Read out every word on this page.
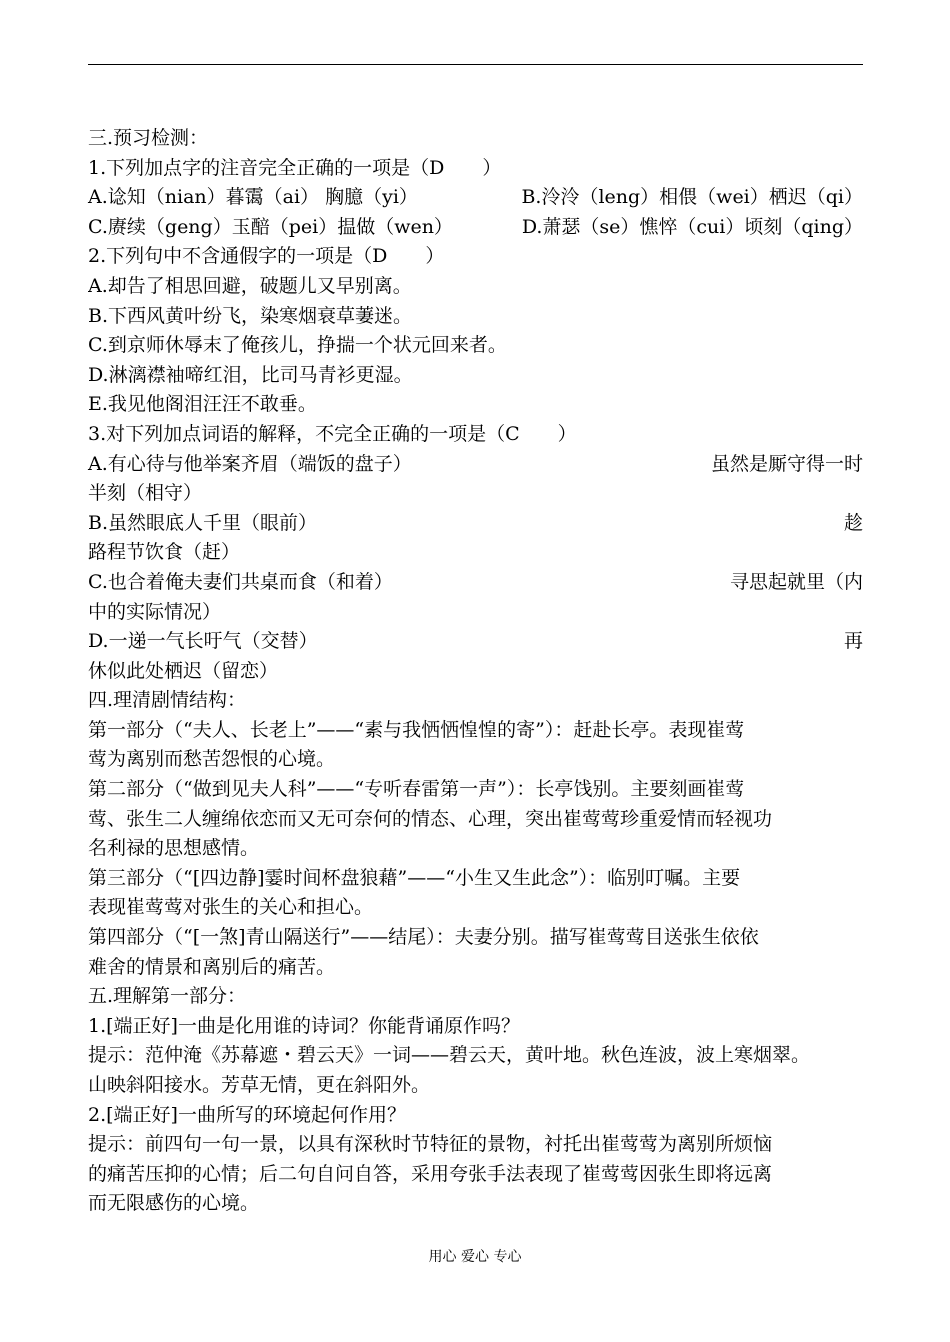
三.预习检测：
1.下列加点字的注音完全正确的一项是（D　　）
A.谂知（nian）暮霭（ai） 胸臆（yi）	B.泠泠（leng）相偎（wei）栖迟（qi）
C.赓续（geng）玉醅（pei）揾做（wen）	D.萧瑟（se）憔悴（cui）顷刻（qing）
2.下列句中不含通假字的一项是（D　　）
A.却告了相思回避，破题儿又早别离。
B.下西风黄叶纷飞，染寒烟衰草萋迷。
C.到京师休辱末了俺孩儿，挣揣一个状元回来者。
D.淋漓襟袖啼红泪，比司马青衫更湿。
E.我见他阁泪汪汪不敢垂。
3.对下列加点词语的解释，不完全正确的一项是（C　　）
A.有心待与他举案齐眉（端饭的盘子）	虽然是厮守得一时
半刻（相守）
B.虽然眼底人千里（眼前）	趁
路程节饮食（赶）
C.也合着俺夫妻们共桌而食（和着）	寻思起就里（内
中的实际情况）
D.一递一气长吁气（交替）	再
休似此处栖迟（留恋）
四.理清剧情结构：
第一部分（“夫人、长老上”——“素与我恓恓惶惶的寄”）：赶赴长亭。表现崔莺
莺为离别而愁苦怨恨的心境。
第二部分（“做到见夫人科”——“专听春雷第一声”）：长亭饯别。主要刻画崔莺
莺、张生二人缠绵依恋而又无可奈何的情态、心理，突出崔莺莺珍重爱情而轻视功
名利禄的思想感情。
第三部分（“[四边静]霎时间杯盘狼藉”——“小生又生此念”）：临别叮嘱。主要
表现崔莺莺对张生的关心和担心。
第四部分（“[一煞]青山隔送行”——结尾）：夫妻分别。描写崔莺莺目送张生依依
难舍的情景和离别后的痛苦。
五.理解第一部分：
1.[端正好]一曲是化用谁的诗词？你能背诵原作吗？
提示：范仲淹《苏幕遮・碧云天》一词——碧云天，黄叶地。秋色连波，波上寒烟翠。
山映斜阳接水。芳草无情，更在斜阳外。
2.[端正好]一曲所写的环境起何作用？
提示：前四句一句一景，以具有深秋时节特征的景物，衬托出崔莺莺为离别所烦恼
的痛苦压抑的心情；后二句自问自答，采用夸张手法表现了崔莺莺因张生即将远离
而无限感伤的心境。
用心 爱心 专心
